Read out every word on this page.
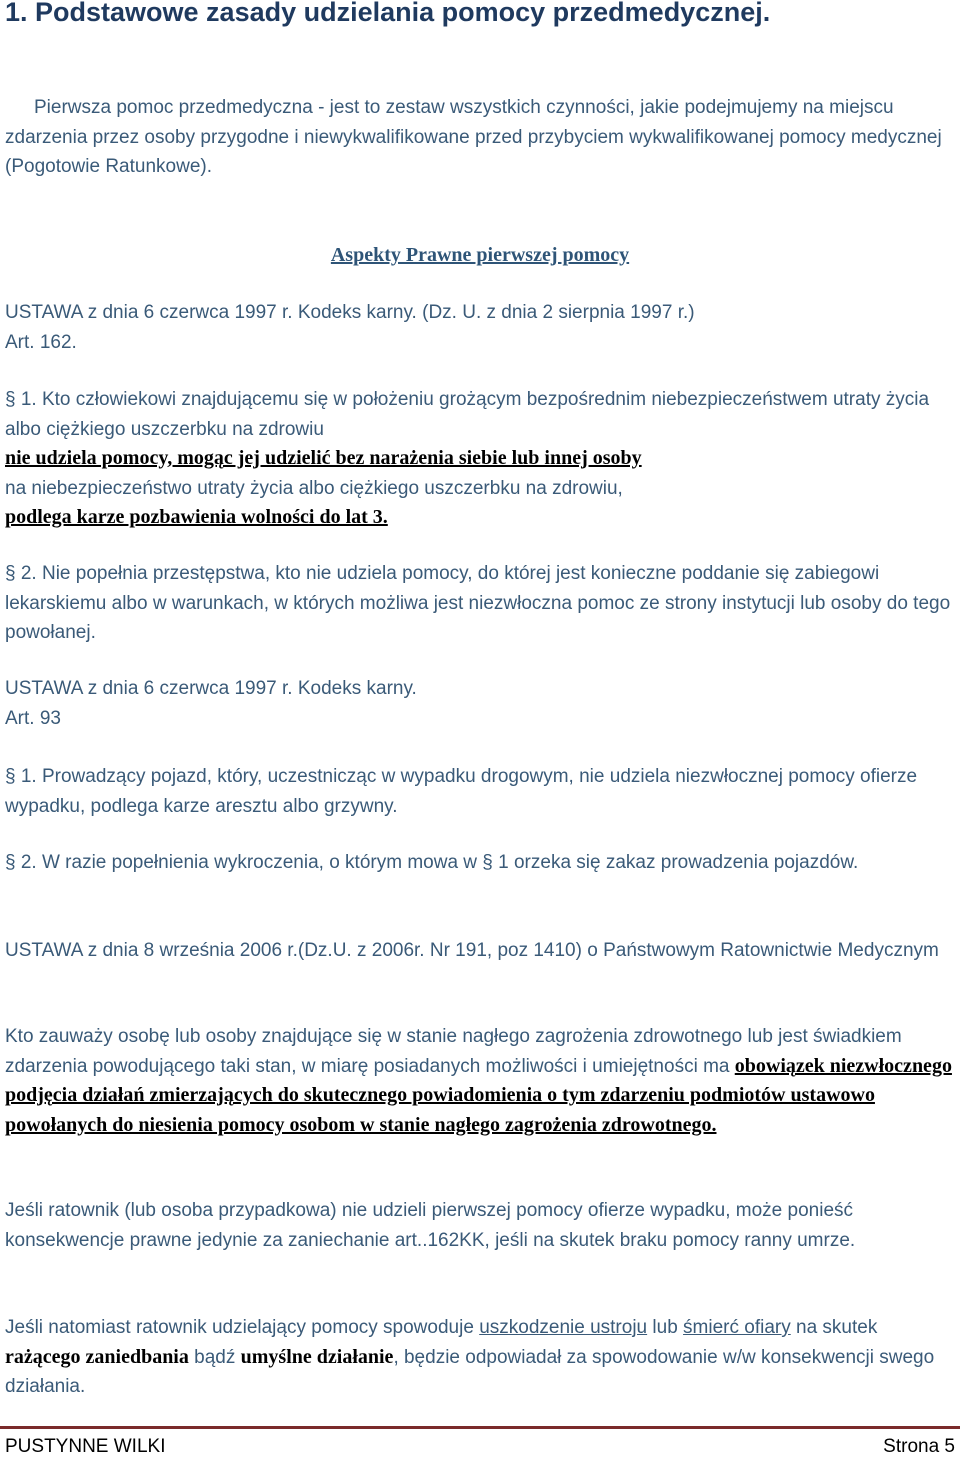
1. Podstawowe zasady udzielania pomocy przedmedycznej.

Pierwsza pomoc przedmedyczna - jest to zestaw wszystkich czynności, jakie podejmujemy na miejscu zdarzenia przez osoby przygodne i niewykwalifikowane przed przybyciem wykwalifikowanej pomocy medycznej (Pogotowie Ratunkowe).

Aspekty Prawne pierwszej pomocy
USTAWA z dnia 6 czerwca 1997 r. Kodeks karny. (Dz. U. z dnia 2 sierpnia 1997 r.)
Art. 162.
§ 1. Kto człowiekowi znajdującemu się w położeniu grożącym bezpośrednim niebezpieczeństwem utraty życia albo ciężkiego uszczerbku na zdrowiu
nie udziela pomocy, mogąc jej udzielić bez narażenia siebie lub innej osoby
na niebezpieczeństwo utraty życia albo ciężkiego uszczerbku na zdrowiu,
podlega karze pozbawienia wolności do lat 3.
§ 2. Nie popełnia przestępstwa, kto nie udziela pomocy, do której jest konieczne poddanie się zabiegowi lekarskiemu albo w warunkach, w których możliwa jest niezwłoczna pomoc ze strony instytucji lub osoby do tego powołanej.
USTAWA z dnia 6 czerwca 1997 r. Kodeks karny.
Art. 93
§ 1. Prowadzący pojazd, który, uczestnicząc w wypadku drogowym, nie udziela niezwłocznej pomocy ofierze wypadku, podlega karze aresztu albo grzywny.
§ 2. W razie popełnienia wykroczenia, o którym mowa w § 1 orzeka się zakaz prowadzenia pojazdów.
USTAWA z dnia 8 września 2006 r.(Dz.U. z 2006r. Nr 191, poz 1410) o Państwowym Ratownictwie Medycznym
Kto zauważy osobę lub osoby znajdujące się w stanie nagłego zagrożenia zdrowotnego lub jest świadkiem zdarzenia powodującego taki stan, w miarę posiadanych możliwości i umiejętności ma obowiązek niezwłocznego podjęcia działań zmierzających do skutecznego powiadomienia o tym zdarzeniu podmiotów ustawowo powołanych do niesienia pomocy osobom w stanie nagłego zagrożenia zdrowotnego.
Jeśli ratownik (lub osoba przypadkowa) nie udzieli pierwszej pomocy ofierze wypadku, może ponieść konsekwencje prawne jedynie za zaniechanie art..162KK, jeśli na skutek braku pomocy ranny umrze.
Jeśli natomiast ratownik udzielający pomocy spowoduje uszkodzenie ustroju lub śmierć ofiary na skutek rażącego zaniedbania bądź umyślne działanie, będzie odpowiadał za spowodowanie w/w konsekwencji swego działania.
PUSTYNNE WILKI	Strona 5
